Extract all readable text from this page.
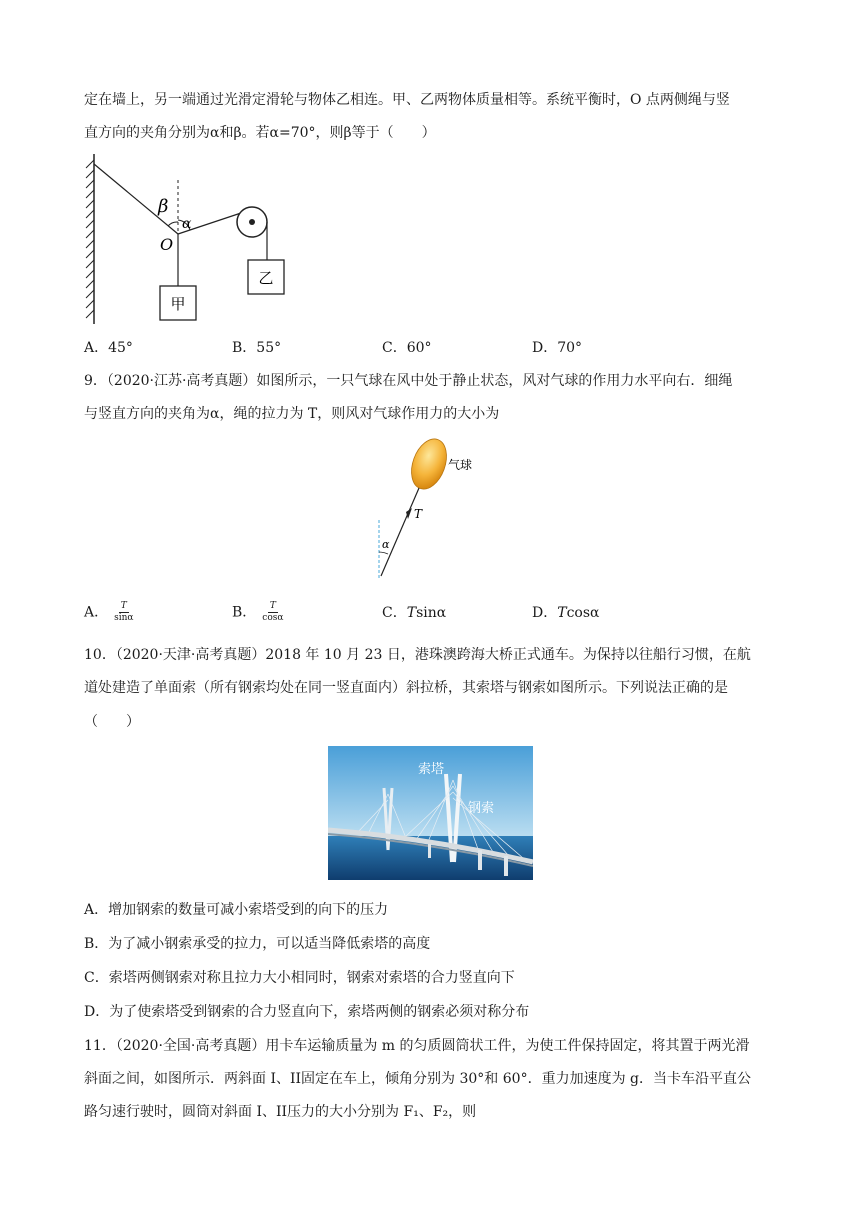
定在墙上，另一端通过光滑定滑轮与物体乙相连。甲、乙两物体质量相等。系统平衡时，O 点两侧绳与竖
直方向的夹角分别为α和β。若α=70°，则β等于（　　）
β
α
O
甲
乙
A．45°	B．55°	C．60°	D．70°
9．（2020·江苏·高考真题）如图所示，一只气球在风中处于静止状态，风对气球的作用力水平向右．细绳
与竖直方向的夹角为α，绳的拉力为 T，则风对气球作用力的大小为
气球
T
α
A． $\frac{T}{\sin\alpha}$	B． $\frac{T}{\cos\alpha}$	C．Tsinα	D．Tcosα
10．（2020·天津·高考真题）2018 年 10 月 23 日，港珠澳跨海大桥正式通车。为保持以往船行习惯，在航
道处建造了单面索（所有钢索均处在同一竖直面内）斜拉桥，其索塔与钢索如图所示。下列说法正确的是
（　　）
索塔
钢索
A．增加钢索的数量可减小索塔受到的向下的压力
B．为了减小钢索承受的拉力，可以适当降低索塔的高度
C．索塔两侧钢索对称且拉力大小相同时，钢索对索塔的合力竖直向下
D．为了使索塔受到钢索的合力竖直向下，索塔两侧的钢索必须对称分布
11．（2020·全国·高考真题）用卡车运输质量为 m 的匀质圆筒状工件，为使工件保持固定，将其置于两光滑
斜面之间，如图所示．两斜面 I、II固定在车上，倾角分别为 30°和 60°．重力加速度为 g．当卡车沿平直公
路匀速行驶时，圆筒对斜面 I、II压力的大小分别为 F₁、F₂，则
